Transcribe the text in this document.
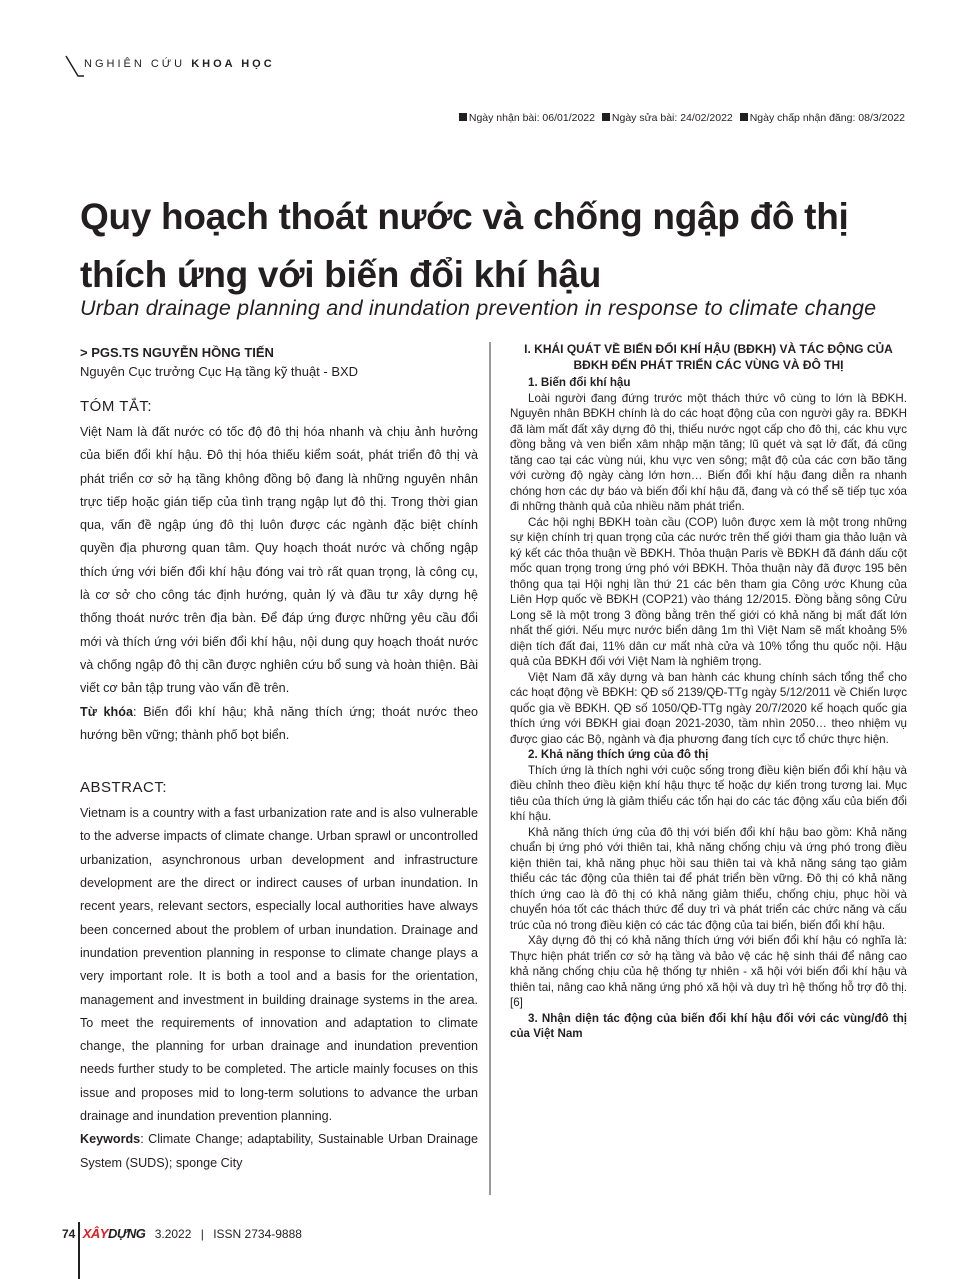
NGHIÊN CỨU KHOA HỌC
Ngày nhận bài: 06/01/2022 Ngày sửa bài: 24/02/2022 Ngày chấp nhận đăng: 08/3/2022
Quy hoạch thoát nước và chống ngập đô thị
thích ứng với biến đổi khí hậu
Urban drainage planning and inundation prevention in response to climate change
> PGS.TS NGUYỄN HỒNG TIẾN
Nguyên Cục trưởng Cục Hạ tầng kỹ thuật - BXD
TÓM TẮT:

Việt Nam là đất nước có tốc độ đô thị hóa nhanh và chịu ảnh hưởng của biến đổi khí hậu. Đô thị hóa thiếu kiểm soát, phát triển đô thị và phát triển cơ sở hạ tầng không đồng bộ đang là những nguyên nhân trực tiếp hoặc gián tiếp của tình trạng ngập lụt đô thị. Trong thời gian qua, vấn đề ngập úng đô thị luôn được các ngành đặc biệt chính quyền địa phương quan tâm. Quy hoạch thoát nước và chống ngập thích ứng với biến đổi khí hậu đóng vai trò rất quan trọng, là công cụ, là cơ sở cho công tác định hướng, quản lý và đầu tư xây dựng hệ thống thoát nước trên địa bàn. Để đáp ứng được những yêu cầu đổi mới và thích ứng với biến đổi khí hậu, nội dung quy hoạch thoát nước và chống ngập đô thị cần được nghiên cứu bổ sung và hoàn thiện. Bài viết cơ bản tập trung vào vấn đề trên.

Từ khóa: Biến đổi khí hậu; khả năng thích ứng; thoát nước theo hướng bền vững; thành phố bọt biển.

ABSTRACT:

Vietnam is a country with a fast urbanization rate and is also vulnerable to the adverse impacts of climate change. Urban sprawl or uncontrolled urbanization, asynchronous urban development and infrastructure development are the direct or indirect causes of urban inundation. In recent years, relevant sectors, especially local authorities have always been concerned about the problem of urban inundation. Drainage and inundation prevention planning in response to climate change plays a very important role. It is both a tool and a basis for the orientation, management and investment in building drainage systems in the area. To meet the requirements of innovation and adaptation to climate change, the planning for urban drainage and inundation prevention needs further study to be completed. The article mainly focuses on this issue and proposes mid to long-term solutions to advance the urban drainage and inundation prevention planning.

Keywords: Climate Change; adaptability, Sustainable Urban Drainage System (SUDS); sponge City

I. KHÁI QUÁT VỀ BIẾN ĐỔI KHÍ HẬU (BĐKH) VÀ TÁC ĐỘNG CỦA BĐKH ĐẾN PHÁT TRIỂN CÁC VÙNG VÀ ĐÔ THỊ

1. Biến đổi khí hậu

Loài người đang đứng trước một thách thức vô cùng to lớn là BĐKH. Nguyên nhân BĐKH chính là do các hoạt động của con người gây ra. BĐKH đã làm mất đất xây dựng đô thị, thiếu nước ngọt cấp cho đô thị, các khu vực đồng bằng và ven biển xâm nhập mặn tăng; lũ quét và sạt lở đất, đá cũng tăng cao tại các vùng núi, khu vực ven sông; mật độ của các cơn bão tăng với cường độ ngày càng lớn hơn… Biến đổi khí hậu đang diễn ra nhanh chóng hơn các dự báo và biến đổi khí hậu đã, đang và có thể sẽ tiếp tục xóa đi những thành quả của nhiều năm phát triển.

Các hội nghị BĐKH toàn cầu (COP) luôn được xem là một trong những sự kiện chính trị quan trọng của các nước trên thế giới tham gia thảo luận và ký kết các thỏa thuận về BĐKH. Thỏa thuận Paris về BĐKH đã đánh dấu cột mốc quan trọng trong ứng phó với BĐKH. Thỏa thuận này đã được 195 bên thông qua tại Hội nghị lần thứ 21 các bên tham gia Công ước Khung của Liên Hợp quốc về BĐKH (COP21) vào tháng 12/2015. Đồng bằng sông Cửu Long sẽ là một trong 3 đồng bằng trên thế giới có khả năng bị mất đất lớn nhất thế giới. Nếu mực nước biển dâng 1m thì Việt Nam sẽ mất khoảng 5% diện tích đất đai, 11% dân cư mất nhà cửa và 10% tổng thu quốc nội. Hậu quả của BĐKH đối với Việt Nam là nghiêm trọng.

Việt Nam đã xây dựng và ban hành các khung chính sách tổng thể cho các hoạt động về BĐKH: QĐ số 2139/QĐ-TTg ngày 5/12/2011 về Chiến lược quốc gia về BĐKH. QĐ số 1050/QĐ-TTg ngày 20/7/2020 kế hoạch quốc gia thích ứng với BĐKH giai đoạn 2021-2030, tầm nhìn 2050… theo nhiệm vụ được giao các Bộ, ngành và địa phương đang tích cực tổ chức thực hiện.

2. Khả năng thích ứng của đô thị

Thích ứng là thích nghi với cuộc sống trong điều kiện biến đổi khí hậu và điều chỉnh theo điều kiện khí hậu thực tế hoặc dự kiến trong tương lai. Mục tiêu của thích ứng là giảm thiểu các tổn hại do các tác động xấu của biến đổi khí hậu.

Khả năng thích ứng của đô thị với biến đổi khí hậu bao gồm: Khả năng chuẩn bị ứng phó với thiên tai, khả năng chống chịu và ứng phó trong điều kiện thiên tai, khả năng phục hồi sau thiên tai và khả năng sáng tạo giảm thiểu các tác động của thiên tai để phát triển bền vững. Đô thị có khả năng thích ứng cao là đô thị có khả năng giảm thiểu, chống chịu, phục hồi và chuyển hóa tốt các thách thức để duy trì và phát triển các chức năng và cấu trúc của nó trong điều kiện có các tác động của tai biến, biến đổi khí hậu.

Xây dựng đô thị có khả năng thích ứng với biến đổi khí hậu có nghĩa là: Thực hiện phát triển cơ sở hạ tầng và bảo vệ các hệ sinh thái để nâng cao khả năng chống chịu của hệ thống tự nhiên - xã hội với biến đổi khí hậu và thiên tai, nâng cao khả năng ứng phó xã hội và duy trì hệ thống hỗ trợ đô thị.[6]

3. Nhận diện tác động của biến đổi khí hậu đối với các vùng/đô thị của Việt Nam

74 XÂYDỰNG 3.2022 | ISSN 2734-9888
